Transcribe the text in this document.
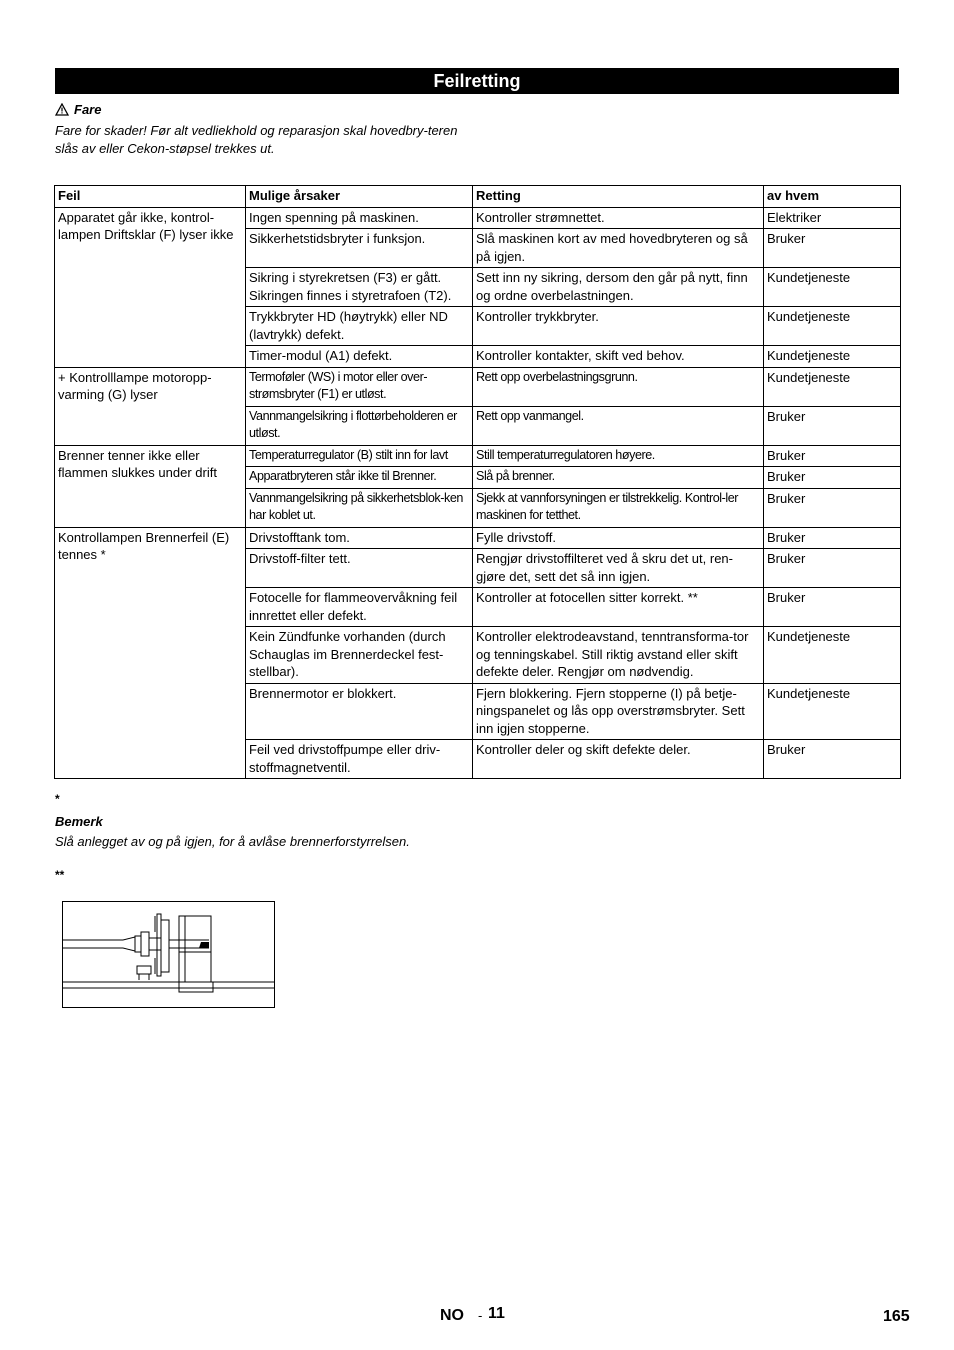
Feilretting
Fare
Fare for skader! Før alt vedliekhold og reparasjon skal hovedbry-teren slås av eller Cekon-støpsel trekkes ut.
Feil	Mulige årsaker	Retting	av hvem
Apparatet går ikke, kontrol-lampen Driftsklar (F) lyser ikke	Ingen spenning på maskinen.	Kontroller strømnettet.	Elektriker
	Sikkerhetstidsbryter i funksjon.	Slå maskinen kort av med hovedbryteren og så på igjen.	Bruker
	Sikring i styrekretsen (F3) er gått. Sikringen finnes i styretrafoen (T2).	Sett inn ny sikring, dersom den går på nytt, finn og ordne overbelastningen.	Kundetjeneste
	Trykkbryter HD (høytrykk) eller ND (lavtrykk) defekt.	Kontroller trykkbryter.	Kundetjeneste
	Timer-modul (A1) defekt.	Kontroller kontakter, skift ved behov.	Kundetjeneste
+ Kontrolllampe motoropp-varming (G) lyser	Termoføler (WS) i motor eller over-strømsbryter (F1) er utløst.	Rett opp overbelastningsgrunn.	Kundetjeneste
	Vannmangelsikring i flottørbeholderen er utløst.	Rett opp vanmangel.	Bruker
Brenner tenner ikke eller flammen slukkes under drift	Temperaturregulator (B) stilt inn for lavt	Still temperaturregulatoren høyere.	Bruker
	Apparatbryteren står ikke til Brenner.	Slå på brenner.	Bruker
	Vannmangelsikring på sikkerhetsblok-ken har koblet ut.	Sjekk at vannforsyningen er tilstrekkelig. Kontrol-ler maskinen for tetthet.	Bruker
Kontrollampen Brennerfeil (E) tennes *	Drivstofftank tom.	Fylle drivstoff.	Bruker
	Drivstoff-filter tett.	Rengjør drivstoffilteret ved å skru det ut, ren-gjøre det, sett det så inn igjen.	Bruker
	Fotocelle for flammeovervåkning feil innrettet eller defekt.	Kontroller at fotocellen sitter korrekt. **	Bruker
	Kein Zündfunke vorhanden (durch Schauglas im Brennerdeckel fest-stellbar).	Kontroller elektrodeavstand, tenntransforma-tor og tenningskabel. Still riktig avstand eller skift defekte deler. Rengjør om nødvendig.	Kundetjeneste
	Brennermotor er blokkert.	Fjern blokkering. Fjern stopperne (I) på betje-ningspanelet og lås opp overstrømsbryter. Sett inn igjen stopperne.	Kundetjeneste
	Feil ved drivstoffpumpe eller driv-stoffmagnetventil.	Kontroller deler og skift defekte deler.	Bruker
*
Bemerk
Slå anlegget av og på igjen, for å avlåse brennerforstyrrelsen.
**
NO - 11	165
